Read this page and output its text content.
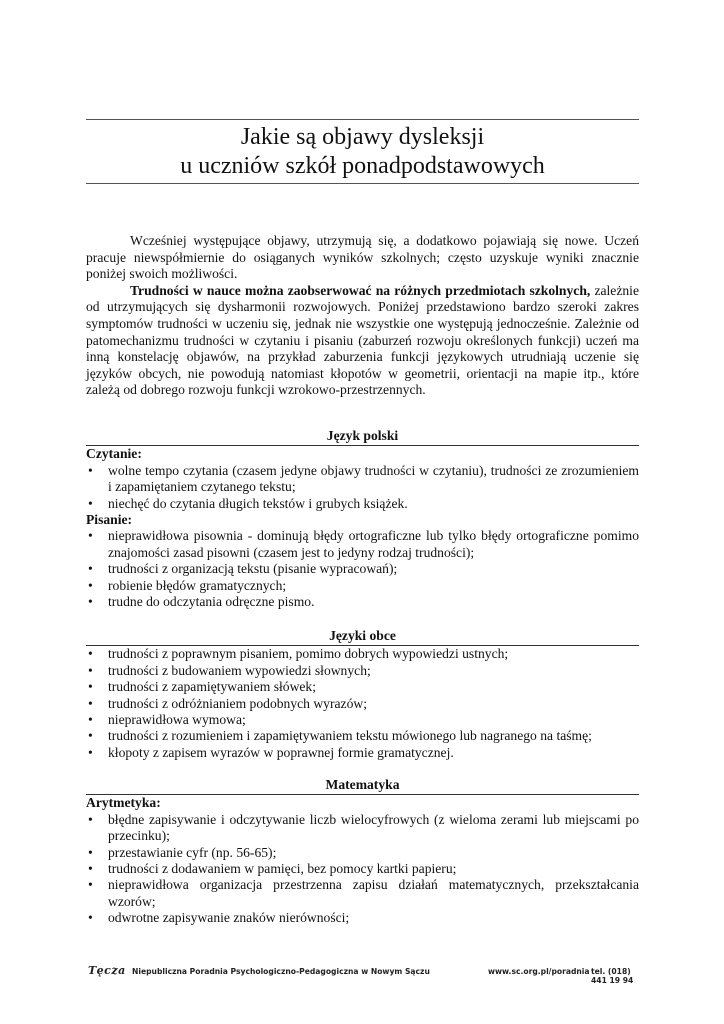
Jakie są objawy dysleksji
u uczniów szkół ponadpodstawowych

Wcześniej występujące objawy, utrzymują się, a dodatkowo pojawiają się nowe. Uczeń pracuje niewspółmiernie do osiąganych wyników szkolnych; często uzyskuje wyniki znacznie poniżej swoich możliwości.

Trudności w nauce można zaobserwować na różnych przedmiotach szkolnych, zależnie od utrzymujących się dysharmonii rozwojowych. Poniżej przedstawiono bardzo szeroki zakres symptomów trudności w uczeniu się, jednak nie wszystkie one występują jednocześnie. Zależnie od patomechanizmu trudności w czytaniu i pisaniu (zaburzeń rozwoju określonych funkcji) uczeń ma inną konstelację objawów, na przykład zaburzenia funkcji językowych utrudniają uczenie się języków obcych, nie powodują natomiast kłopotów w geometrii, orientacji na mapie itp., które zależą od dobrego rozwoju funkcji wzrokowo-przestrzennych.

Język polski
Czytanie:
• wolne tempo czytania (czasem jedyne objawy trudności w czytaniu), trudności ze zrozumieniem i zapamiętaniem czytanego tekstu;
• niechęć do czytania długich tekstów i grubych książek.
Pisanie:
• nieprawidłowa pisownia - dominują błędy ortograficzne lub tylko błędy ortograficzne pomimo znajomości zasad pisowni (czasem jest to jedyny rodzaj trudności);
• trudności z organizacją tekstu (pisanie wypracowań);
• robienie błędów gramatycznych;
• trudne do odczytania odręczne pismo.
Języki obce
• trudności z poprawnym pisaniem, pomimo dobrych wypowiedzi ustnych;
• trudności z budowaniem wypowiedzi słownych;
• trudności z zapamiętywaniem słówek;
• trudności z odróżnianiem podobnych wyrazów;
• nieprawidłowa wymowa;
• trudności z rozumieniem i zapamiętywaniem tekstu mówionego lub nagranego na taśmę;
• kłopoty z zapisem wyrazów w poprawnej formie gramatycznej.
Matematyka
Arytmetyka:
• błędne zapisywanie i odczytywanie liczb wielocyfrowych (z wieloma zerami lub miejscami po przecinku);
• przestawianie cyfr (np. 56-65);
• trudności z dodawaniem w pamięci, bez pomocy kartki papieru;
• nieprawidłowa organizacja przestrzenna zapisu działań matematycznych, przekształcania wzorów;
• odwrotne zapisywanie znaków nierówności;
Tęcza Niepubliczna Poradnia Psychologiczno-Pedagogiczna w Nowym Sączu	www.sc.org.pl/poradnia tel. (018) 441 19 94
